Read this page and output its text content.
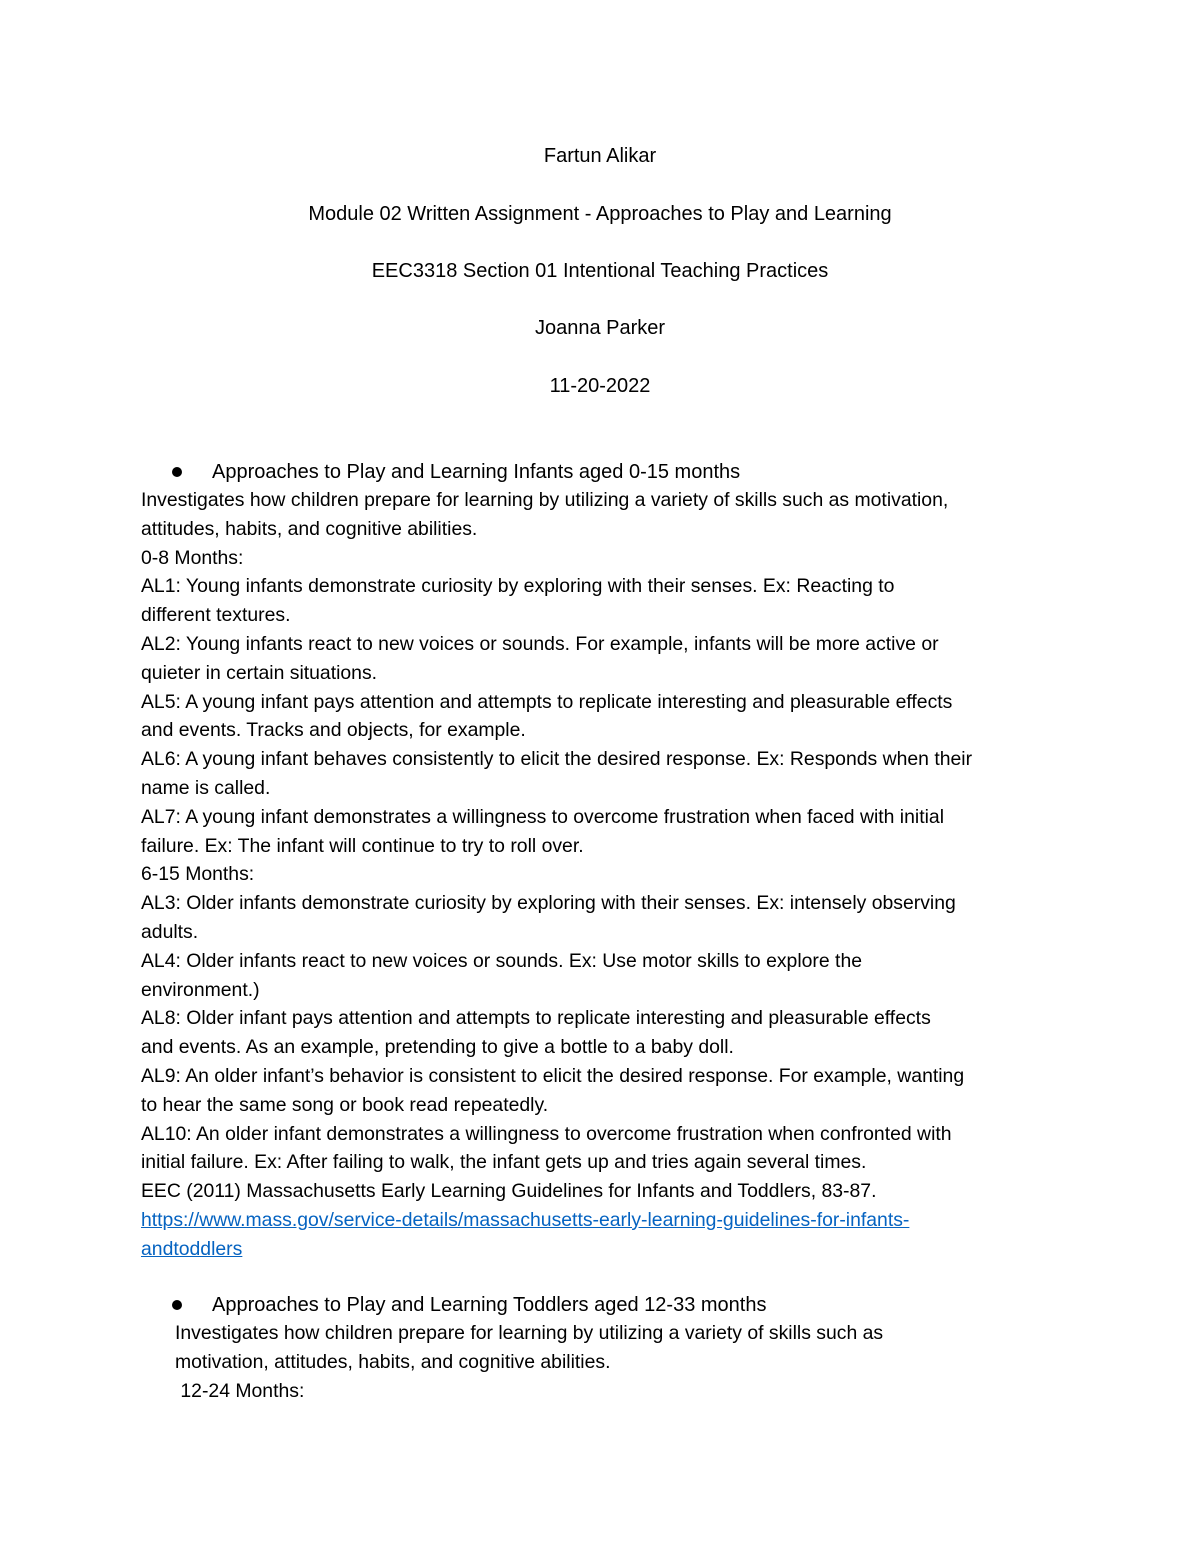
Fartun Alikar
Module 02 Written Assignment - Approaches to Play and Learning
EEC3318 Section 01 Intentional Teaching Practices
Joanna Parker
11-20-2022
Approaches to Play and Learning Infants aged 0-15 months
Investigates how children prepare for learning by utilizing a variety of skills such as motivation,
attitudes, habits, and cognitive abilities.
0-8 Months:
AL1: Young infants demonstrate curiosity by exploring with their senses. Ex: Reacting to
different textures.
AL2: Young infants react to new voices or sounds. For example, infants will be more active or
quieter in certain situations.
AL5: A young infant pays attention and attempts to replicate interesting and pleasurable effects
and events. Tracks and objects, for example.
AL6: A young infant behaves consistently to elicit the desired response. Ex: Responds when their
name is called.
AL7: A young infant demonstrates a willingness to overcome frustration when faced with initial
failure. Ex: The infant will continue to try to roll over.
6-15 Months:
AL3: Older infants demonstrate curiosity by exploring with their senses. Ex: intensely observing
adults.
AL4: Older infants react to new voices or sounds. Ex: Use motor skills to explore the
environment.)
AL8: Older infant pays attention and attempts to replicate interesting and pleasurable effects
and events. As an example, pretending to give a bottle to a baby doll.
AL9: An older infant’s behavior is consistent to elicit the desired response. For example, wanting
to hear the same song or book read repeatedly.
AL10: An older infant demonstrates a willingness to overcome frustration when confronted with
initial failure. Ex: After failing to walk, the infant gets up and tries again several times.
EEC (2011) Massachusetts Early Learning Guidelines for Infants and Toddlers, 83-87.
https://www.mass.gov/service-details/massachusetts-early-learning-guidelines-for-infants-
andtoddlers
Approaches to Play and Learning Toddlers aged 12-33 months
Investigates how children prepare for learning by utilizing a variety of skills such as
motivation, attitudes, habits, and cognitive abilities.
12-24 Months:
